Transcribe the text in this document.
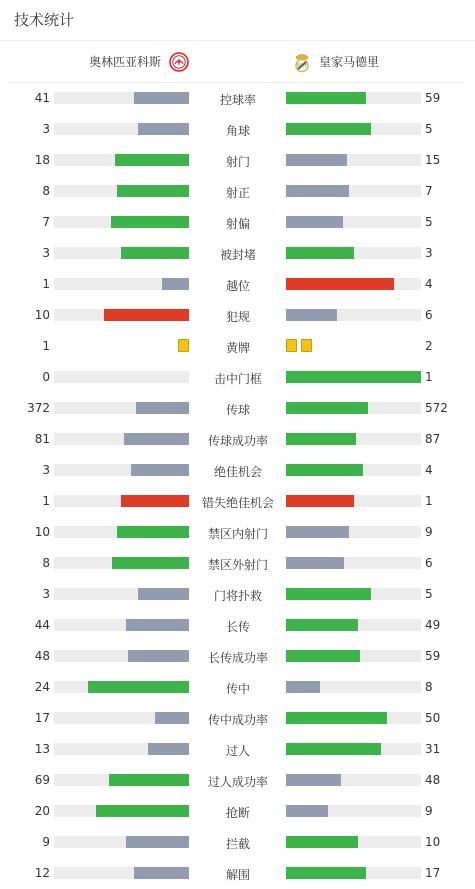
技术统计
奥林匹亚科斯	MCF 皇家马德里
41	控球率	59
3	角球	5
18	射门	15
8	射正	7
7	射偏	5
3	被封堵	3
1	越位	4
10	犯规	6
1	黄牌	2
0	击中门框	1
372	传球	572
81	传球成功率	87
3	绝佳机会	4
1	错失绝佳机会	1
10	禁区内射门	9
8	禁区外射门	6
3	门将扑救	5
44	长传	49
48	长传成功率	59
24	传中	8
17	传中成功率	50
13	过人	31
69	过人成功率	48
20	抢断	9
9	拦截	10
12	解围	17
